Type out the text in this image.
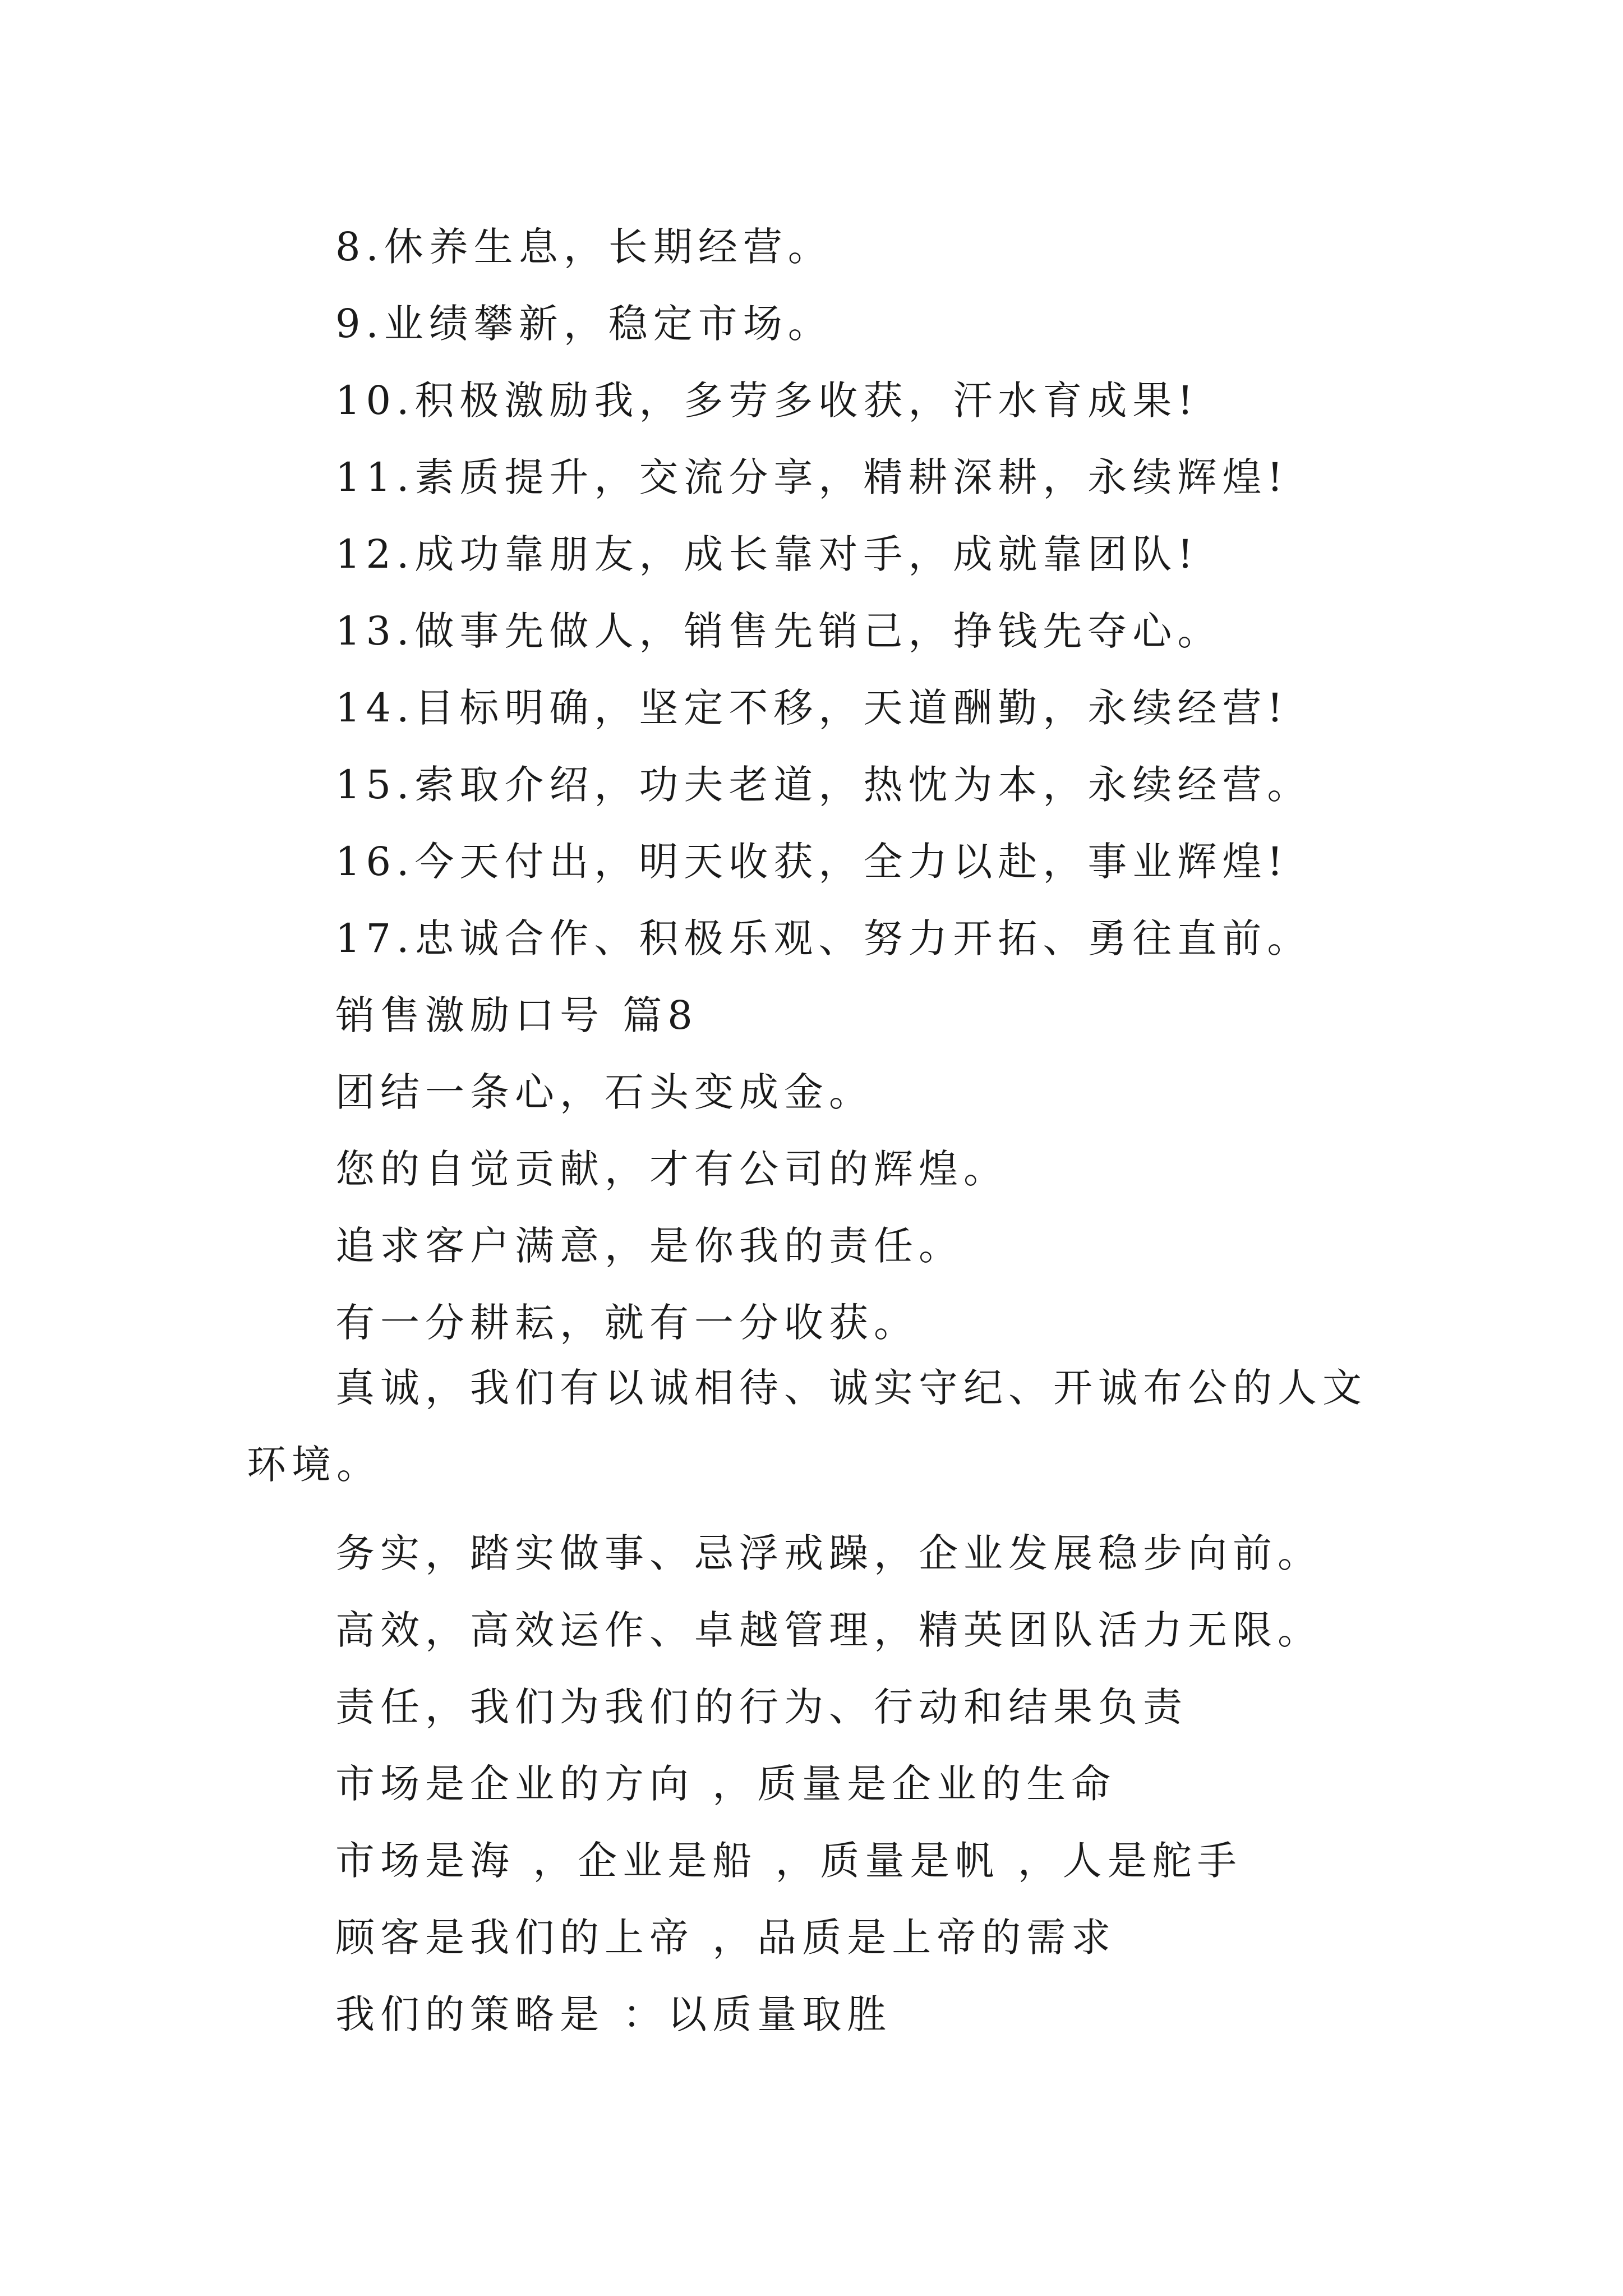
8.休养生息，长期经营。
9.业绩攀新，稳定市场。
10.积极激励我，多劳多收获，汗水育成果!
11.素质提升，交流分享，精耕深耕，永续辉煌!
12.成功靠朋友，成长靠对手，成就靠团队!
13.做事先做人，销售先销己，挣钱先夺心。
14.目标明确，坚定不移，天道酬勤，永续经营!
15.索取介绍，功夫老道，热忱为本，永续经营。
16.今天付出，明天收获，全力以赴，事业辉煌!
17.忠诚合作、积极乐观、努力开拓、勇往直前。
销售激励口号 篇8
团结一条心，石头变成金。
您的自觉贡献，才有公司的辉煌。
追求客户满意，是你我的责任。
有一分耕耘，就有一分收获。
真诚，我们有以诚相待、诚实守纪、开诚布公的人文环境。
务实，踏实做事、忌浮戒躁，企业发展稳步向前。
高效，高效运作、卓越管理，精英团队活力无限。
责任，我们为我们的行为、行动和结果负责
市场是企业的方向 ，质量是企业的生命
市场是海 ，企业是船 ，质量是帆 ，人是舵手
顾客是我们的上帝 ，品质是上帝的需求
我们的策略是 ：以质量取胜
